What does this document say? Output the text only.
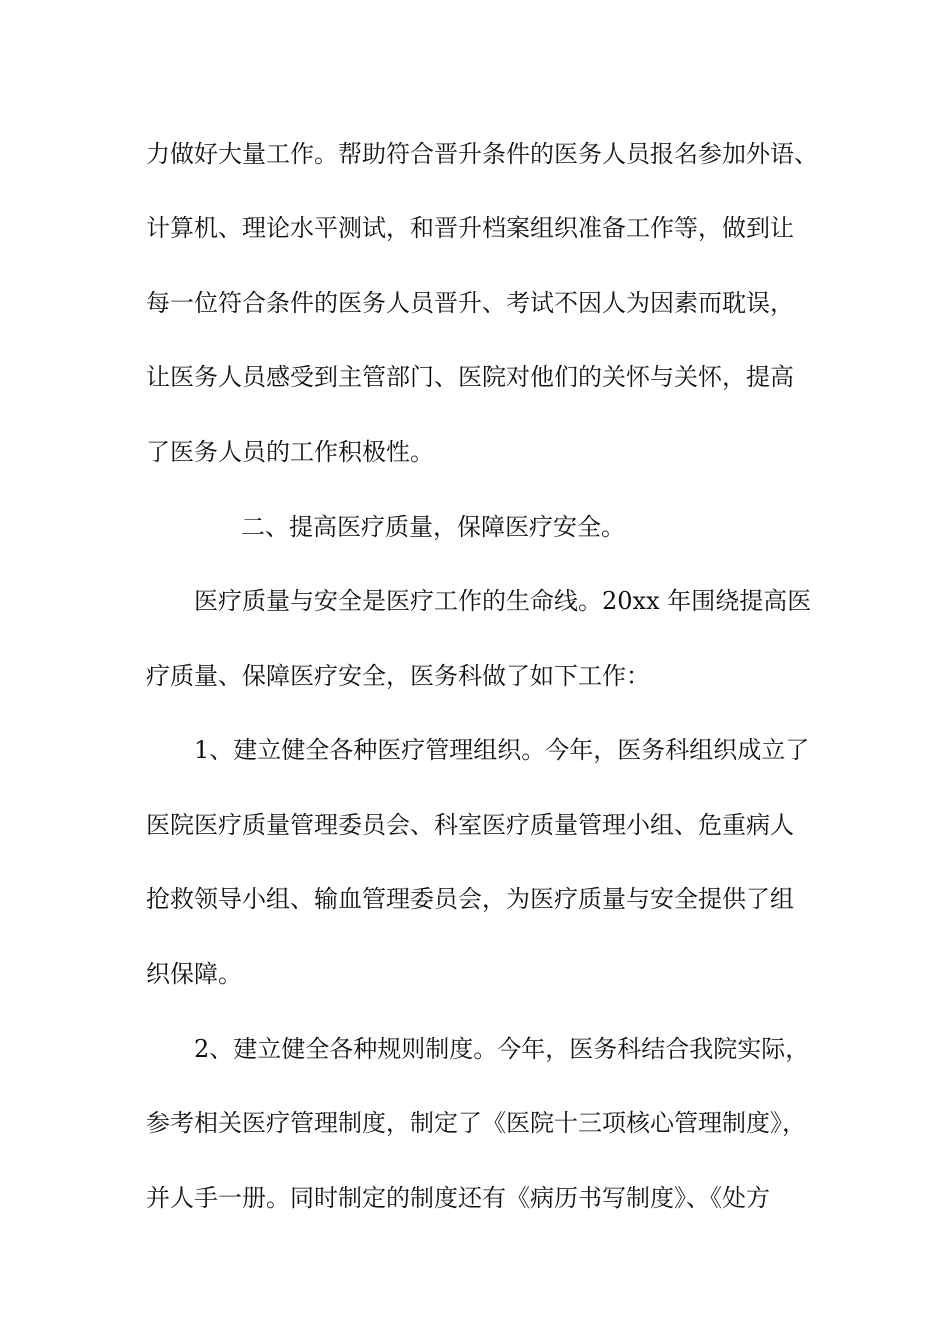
力做好大量工作。帮助符合晋升条件的医务人员报名参加外语、
计算机、理论水平测试，和晋升档案组织准备工作等，做到让
每一位符合条件的医务人员晋升、考试不因人为因素而耽误，
让医务人员感受到主管部门、医院对他们的关怀与关怀，提高
了医务人员的工作积极性。
二、提高医疗质量，保障医疗安全。
医疗质量与安全是医疗工作的生命线。20xx 年围绕提高医
疗质量、保障医疗安全，医务科做了如下工作：
1、建立健全各种医疗管理组织。今年，医务科组织成立了
医院医疗质量管理委员会、科室医疗质量管理小组、危重病人
抢救领导小组、输血管理委员会，为医疗质量与安全提供了组
织保障。
2、建立健全各种规则制度。今年，医务科结合我院实际，
参考相关医疗管理制度，制定了《医院十三项核心管理制度》，
并人手一册。同时制定的制度还有《病历书写制度》、《处方
